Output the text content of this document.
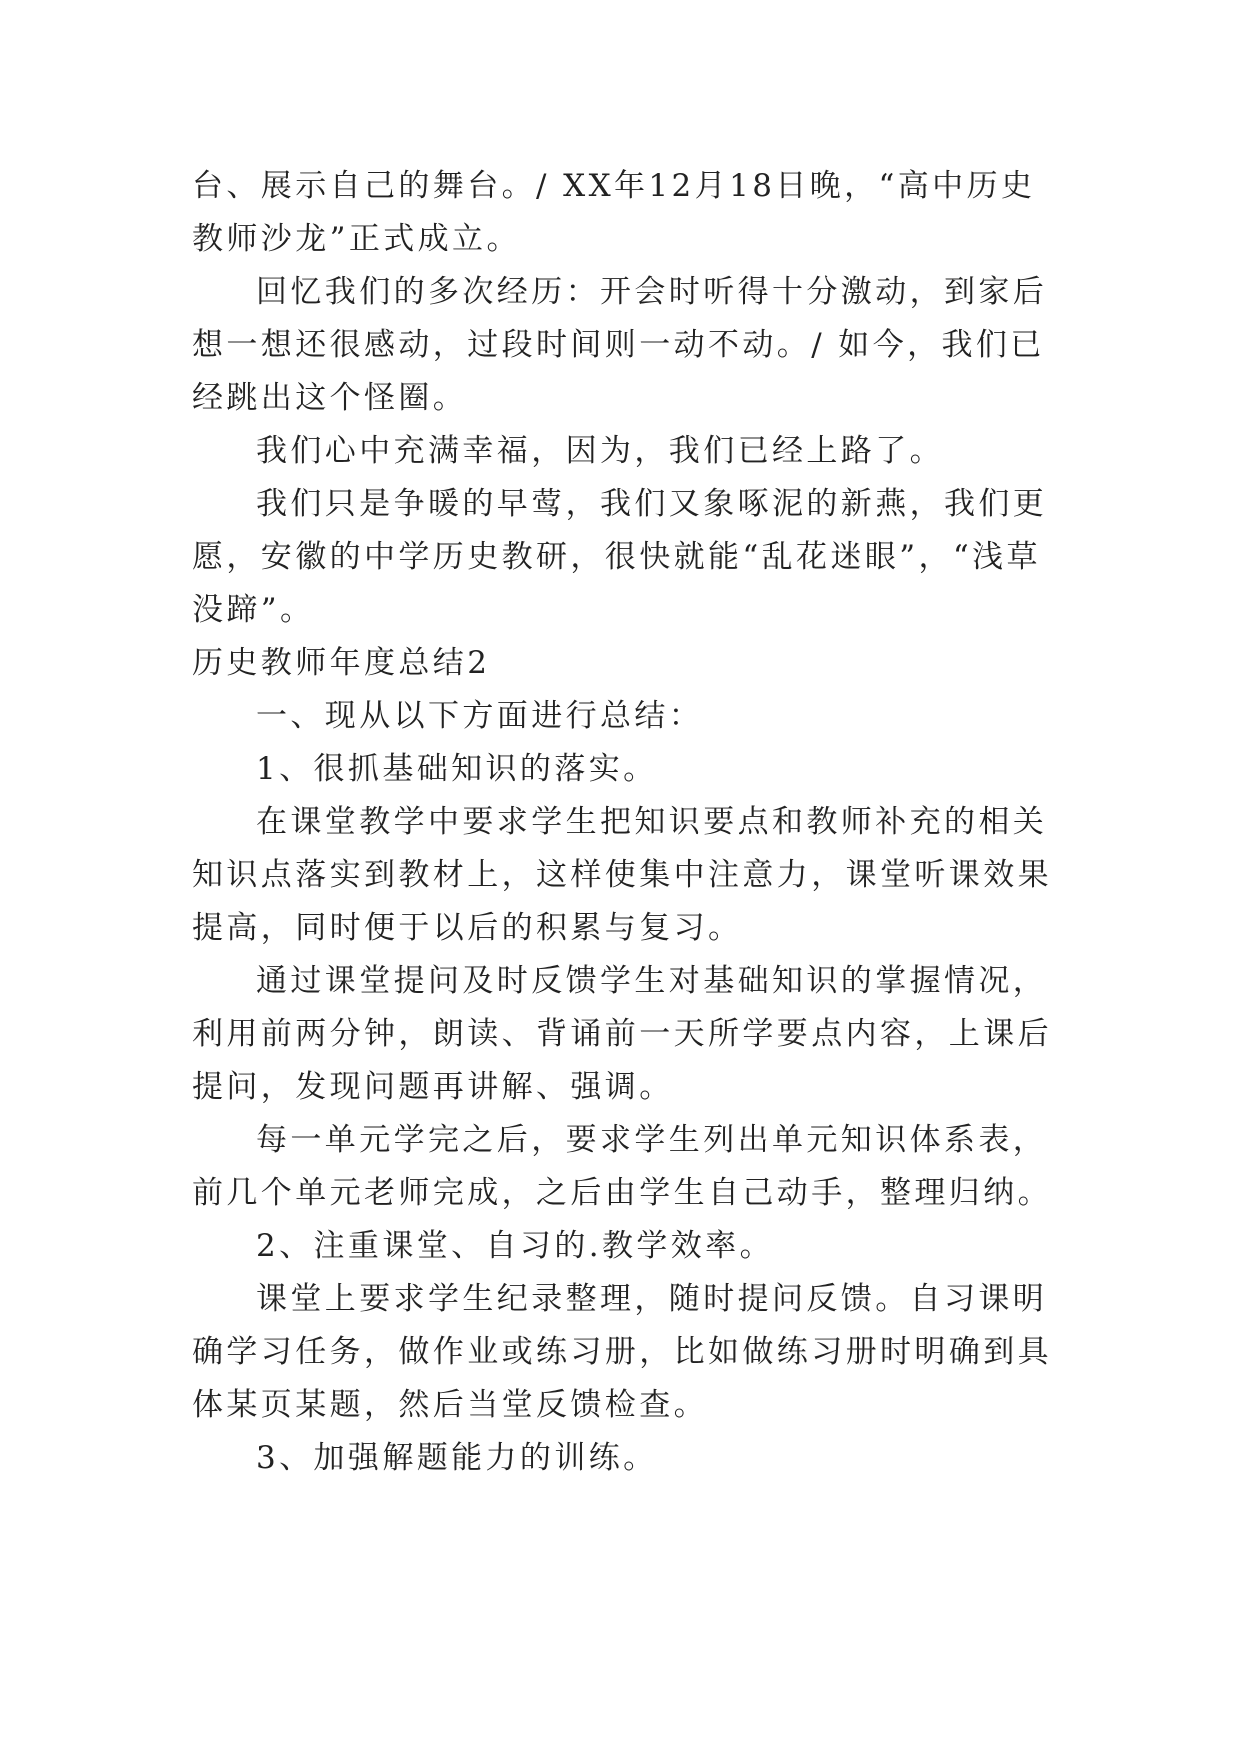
台、展示自己的舞台。/ XX年12月18日晚，“高中历史教师沙龙”正式成立。

回忆我们的多次经历：开会时听得十分激动，到家后想一想还很感动，过段时间则一动不动。/ 如今，我们已经跳出这个怪圈。

我们心中充满幸福，因为，我们已经上路了。

我们只是争暖的早莺，我们又象啄泥的新燕，我们更愿，安徽的中学历史教研，很快就能“乱花迷眼”，“浅草没蹄”。

历史教师年度总结2

一、现从以下方面进行总结：

1、很抓基础知识的落实。

在课堂教学中要求学生把知识要点和教师补充的相关知识点落实到教材上，这样使集中注意力，课堂听课效果提高，同时便于以后的积累与复习。

通过课堂提问及时反馈学生对基础知识的掌握情况，利用前两分钟，朗读、背诵前一天所学要点内容，上课后提问，发现问题再讲解、强调。

每一单元学完之后，要求学生列出单元知识体系表，前几个单元老师完成，之后由学生自己动手，整理归纳。

2、注重课堂、自习的.教学效率。

课堂上要求学生纪录整理，随时提问反馈。自习课明确学习任务，做作业或练习册，比如做练习册时明确到具体某页某题，然后当堂反馈检查。

3、加强解题能力的训练。
